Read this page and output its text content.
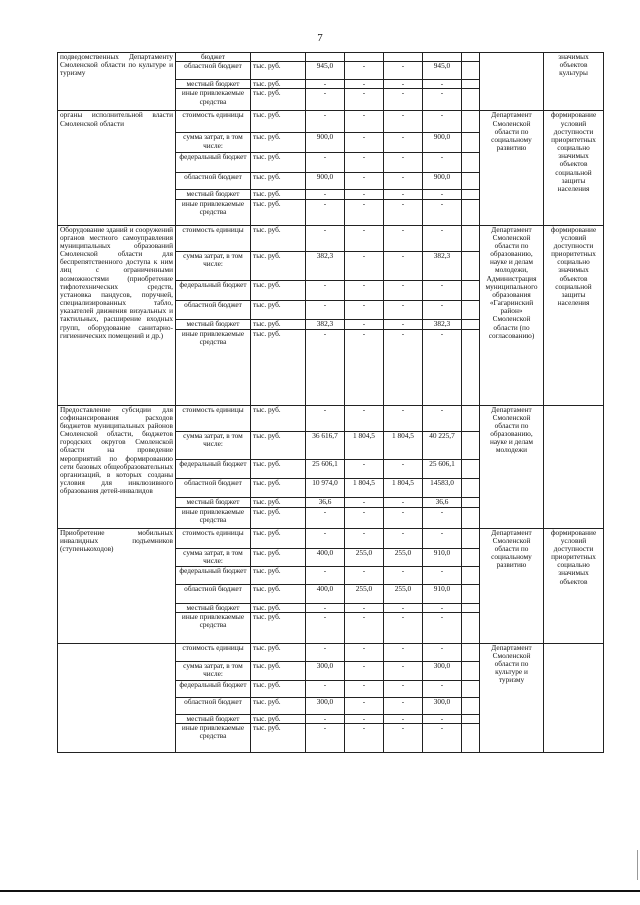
7
подведомственных Департаменту Смоленской области по культуре и туризму	бюджет								значимых объектов культуры
	областной бюджет	тыс. руб.	945,0	-	-	945,0			
	местный бюджет	тыс. руб.	-	-	-	-			
	иные привлекаемые средства	тыс. руб.	-	-	-	-			
органы исполнительной власти Смоленской области	стоимость единицы	тыс. руб.	-	-	-	-		Департамент Смоленской области по социальному развитию	формирование условий доступности приоритетных социально значимых объектов социальной защиты населения
	сумма затрат, в том числе:	тыс. руб.	900,0	-	-	900,0			
	федеральный бюджет	тыс. руб.	-	-	-	-			
	областной бюджет	тыс. руб.	900,0	-	-	900,0			
	местный бюджет	тыс. руб.	-	-	-	-			
	иные привлекаемые средства	тыс. руб.	-	-	-	-			
Оборудование зданий и сооружений органов местного самоуправления муниципальных образований Смоленской области для беспрепятственного доступа к ним лиц с ограниченными возможностями (приобретение тифлотехнических средств, установка пандусов, поручней, специализированных табло, указателей движения визуальных и тактильных, расширение входных групп, оборудование санитарно-гигиенических помещений и др.)	стоимость единицы	тыс. руб.	-	-	-	-		Департамент Смоленской области по образованию, науке и делам молодежи, Администрация муниципального образования «Гагаринский район» Смоленской области (по согласованию)	формирование условий доступности приоритетных социально значимых объектов социальной защиты населения
	сумма затрат, в том числе:	тыс. руб.	382,3	-	-	382,3			
	федеральный бюджет	тыс. руб.	-	-	-	-			
	областной бюджет	тыс. руб.	-	-	-	-			
	местный бюджет	тыс. руб.	382,3	-	-	382,3			
	иные привлекаемые средства	тыс. руб.	-	-	-	-			
Предоставление субсидии для софинансирования расходов бюджетов муниципальных районов Смоленской области, бюджетов городских округов Смоленской области на проведение мероприятий по формированию сети базовых общеобразовательных организаций, в которых созданы условия для инклюзивного образования детей-инвалидов	стоимость единицы	тыс. руб.	-	-	-	-		Департамент Смоленской области по образованию, науке и делам молодежи	
	сумма затрат, в том числе:	тыс. руб.	36 616,7	1 804,5	1 804,5	40 225,7			
	федеральный бюджет	тыс. руб.	25 606,1	-	-	25 606,1			
	областной бюджет	тыс. руб.	10 974,0	1 804,5	1 804,5	14583,0			
	местный бюджет	тыс. руб.	36,6	-	-	36,6			
	иные привлекаемые средства	тыс. руб.	-	-	-	-			
Приобретение мобильных инвалидных подъемников (ступенькоходов)	стоимость единицы	тыс. руб.	-	-	-	-		Департамент Смоленской области по социальному развитию	формирование условий доступности приоритетных социально значимых объектов
	сумма затрат, в том числе:	тыс. руб.	400,0	255,0	255,0	910,0			
	федеральный бюджет	тыс. руб.	-	-	-	-			
	областной бюджет	тыс. руб.	400,0	255,0	255,0	910,0			
	местный бюджет	тыс. руб.	-	-	-	-			
	иные привлекаемые средства	тыс. руб.	-	-	-	-			
	стоимость единицы	тыс. руб.	-	-	-	-		Департамент Смоленской области по культуре и туризму	
	сумма затрат, в том числе:	тыс. руб.	300,0	-	-	300,0			
	федеральный бюджет	тыс. руб.	-	-	-	-			
	областной бюджет	тыс. руб.	300,0	-	-	300,0			
	местный бюджет	тыс. руб.	-	-	-	-			
	иные привлекаемые средства	тыс. руб.	-	-	-	-			
